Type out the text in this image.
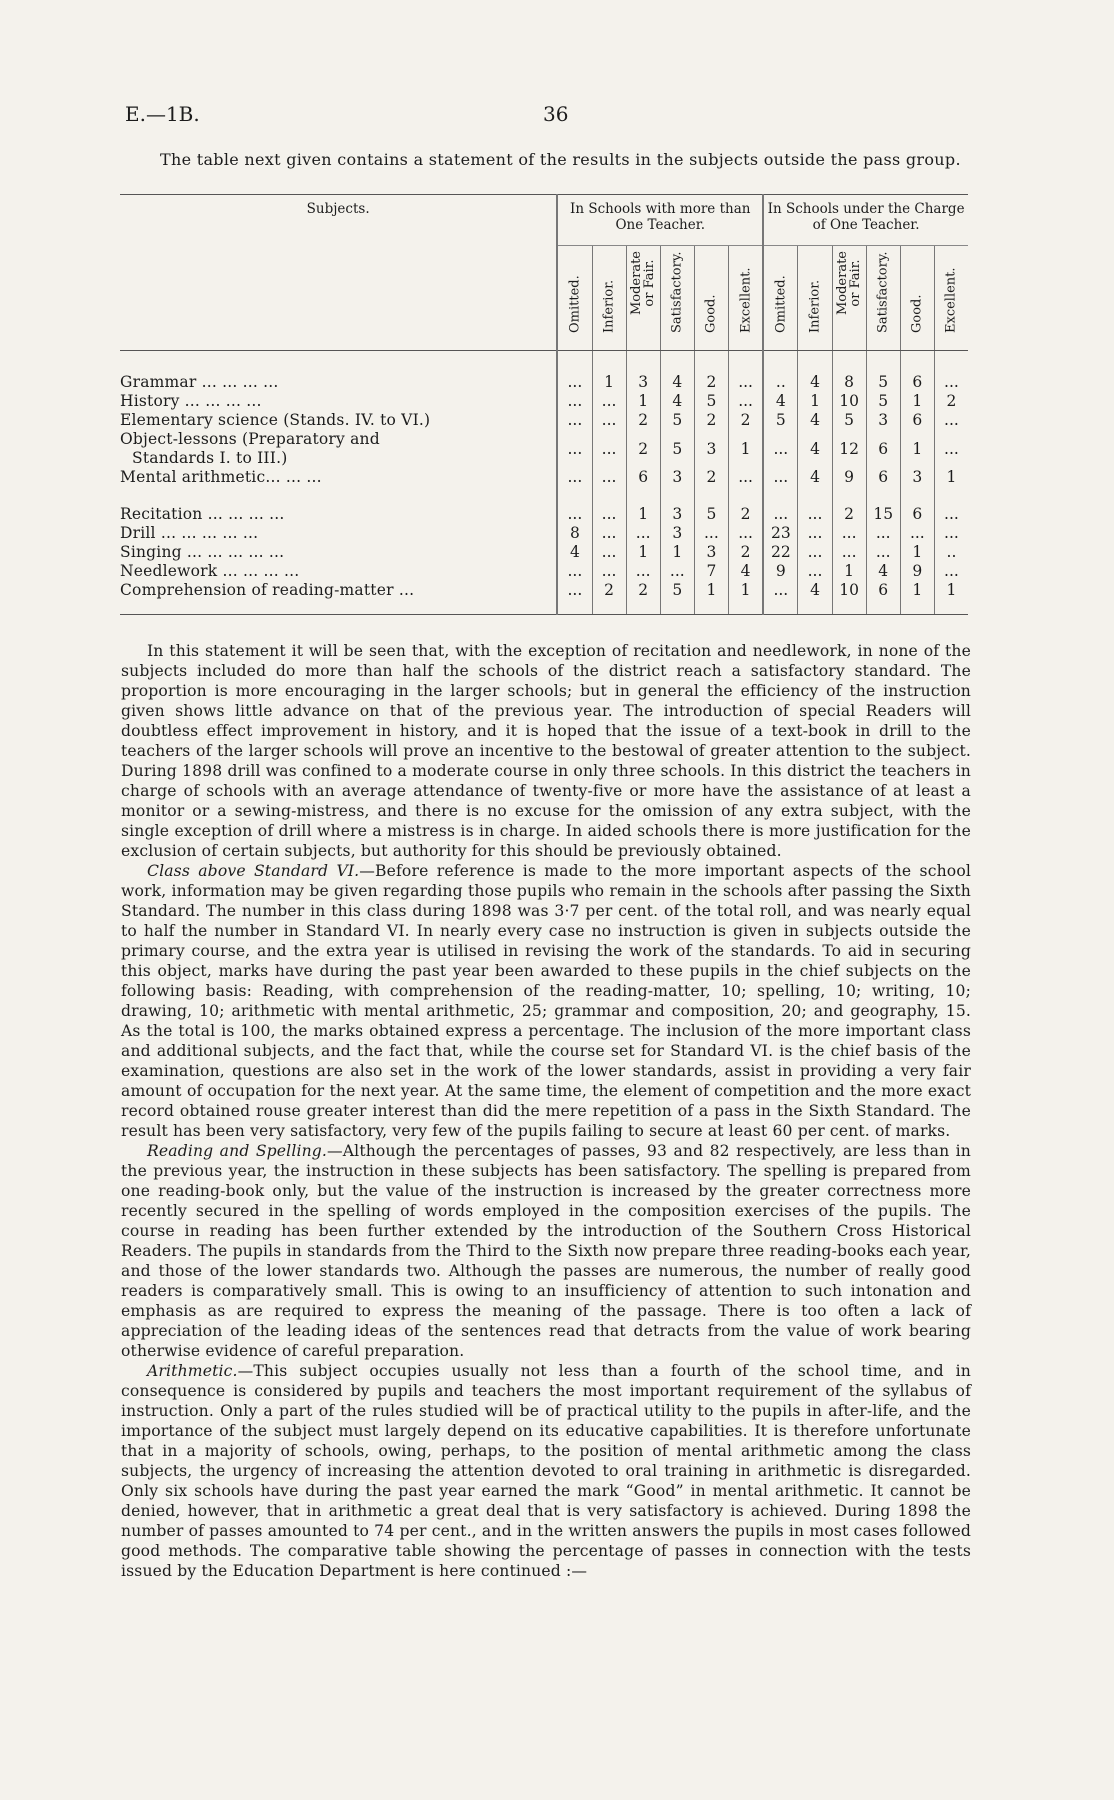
E.—1B.	36
The table next given contains a statement of the results in the subjects outside the pass group.
Subjects.	In Schools with more than One Teacher.						In Schools under the Charge of One Teacher.					

	Omitted.	Inferior.	Moderate or Fair.	Satisfactory.	Good.	Excellent.	Omitted.	Inferior.	Moderate or Fair.	Satisfactory.	Good.	Excellent.

Grammar ... ... ... ...	...	1	3	4	2	...	..	4	8	5	6	...
History ... ... ... ...	...	...	1	4	5	...	4	1	10	5	1	2
Elementary science (Stands. IV. to VI.)	...	...	2	5	2	2	5	4	5	3	6	...
Object-lessons (Preparatory and
Standards I. to III.)	...	...	2	5	3	1	...	4	12	6	1	...
Mental arithmetic... ... ...	...	...	6	3	2	...	...	4	9	6	3	1

Recitation ... ... ... ...	...	...	1	3	5	2	...	...	2	15	6	...
Drill ... ... ... ... ...	8	...	...	3	...	...	23	...	...	...	...	...
Singing ... ... ... ... ...	4	...	1	1	3	2	22	...	...	...	1	..
Needlework ... ... ... ...	...	...	...	...	7	4	9	...	1	4	9	...
Comprehension of reading-matter ...	...	2	2	5	1	1	...	4	10	6	1	1

In this statement it will be seen that, with the exception of recitation and needlework, in none of the subjects included do more than half the schools of the district reach a satisfactory standard. The proportion is more encouraging in the larger schools; but in general the efficiency of the instruction given shows little advance on that of the previous year. The introduction of special Readers will doubtless effect improvement in history, and it is hoped that the issue of a text-book in drill to the teachers of the larger schools will prove an incentive to the bestowal of greater attention to the subject. During 1898 drill was confined to a moderate course in only three schools. In this district the teachers in charge of schools with an average attendance of twenty-five or more have the assistance of at least a monitor or a sewing-mistress, and there is no excuse for the omission of any extra subject, with the single exception of drill where a mistress is in charge. In aided schools there is more justification for the exclusion of certain subjects, but authority for this should be previously obtained.

Class above Standard VI.—Before reference is made to the more important aspects of the school work, information may be given regarding those pupils who remain in the schools after passing the Sixth Standard. The number in this class during 1898 was 3·7 per cent. of the total roll, and was nearly equal to half the number in Standard VI. In nearly every case no instruction is given in subjects outside the primary course, and the extra year is utilised in revising the work of the standards. To aid in securing this object, marks have during the past year been awarded to these pupils in the chief subjects on the following basis: Reading, with comprehension of the reading-matter, 10; spelling, 10; writing, 10; drawing, 10; arithmetic with mental arithmetic, 25; grammar and composition, 20; and geography, 15. As the total is 100, the marks obtained express a percentage. The inclusion of the more important class and additional subjects, and the fact that, while the course set for Standard VI. is the chief basis of the examination, questions are also set in the work of the lower standards, assist in providing a very fair amount of occupation for the next year. At the same time, the element of competition and the more exact record obtained rouse greater interest than did the mere repetition of a pass in the Sixth Standard. The result has been very satisfactory, very few of the pupils failing to secure at least 60 per cent. of marks.

Reading and Spelling.—Although the percentages of passes, 93 and 82 respectively, are less than in the previous year, the instruction in these subjects has been satisfactory. The spelling is prepared from one reading-book only, but the value of the instruction is increased by the greater correctness more recently secured in the spelling of words employed in the composition exercises of the pupils. The course in reading has been further extended by the introduction of the Southern Cross Historical Readers. The pupils in standards from the Third to the Sixth now prepare three reading-books each year, and those of the lower standards two. Although the passes are numerous, the number of really good readers is comparatively small. This is owing to an insufficiency of attention to such intonation and emphasis as are required to express the meaning of the passage. There is too often a lack of appreciation of the leading ideas of the sentences read that detracts from the value of work bearing otherwise evidence of careful preparation.

Arithmetic.—This subject occupies usually not less than a fourth of the school time, and in consequence is considered by pupils and teachers the most important requirement of the syllabus of instruction. Only a part of the rules studied will be of practical utility to the pupils in after-life, and the importance of the subject must largely depend on its educative capabilities. It is therefore unfortunate that in a majority of schools, owing, perhaps, to the position of mental arithmetic among the class subjects, the urgency of increasing the attention devoted to oral training in arithmetic is disregarded. Only six schools have during the past year earned the mark “Good” in mental arithmetic. It cannot be denied, however, that in arithmetic a great deal that is very satisfactory is achieved. During 1898 the number of passes amounted to 74 per cent., and in the written answers the pupils in most cases followed good methods. The comparative table showing the percentage of passes in connection with the tests issued by the Education Department is here continued :—
